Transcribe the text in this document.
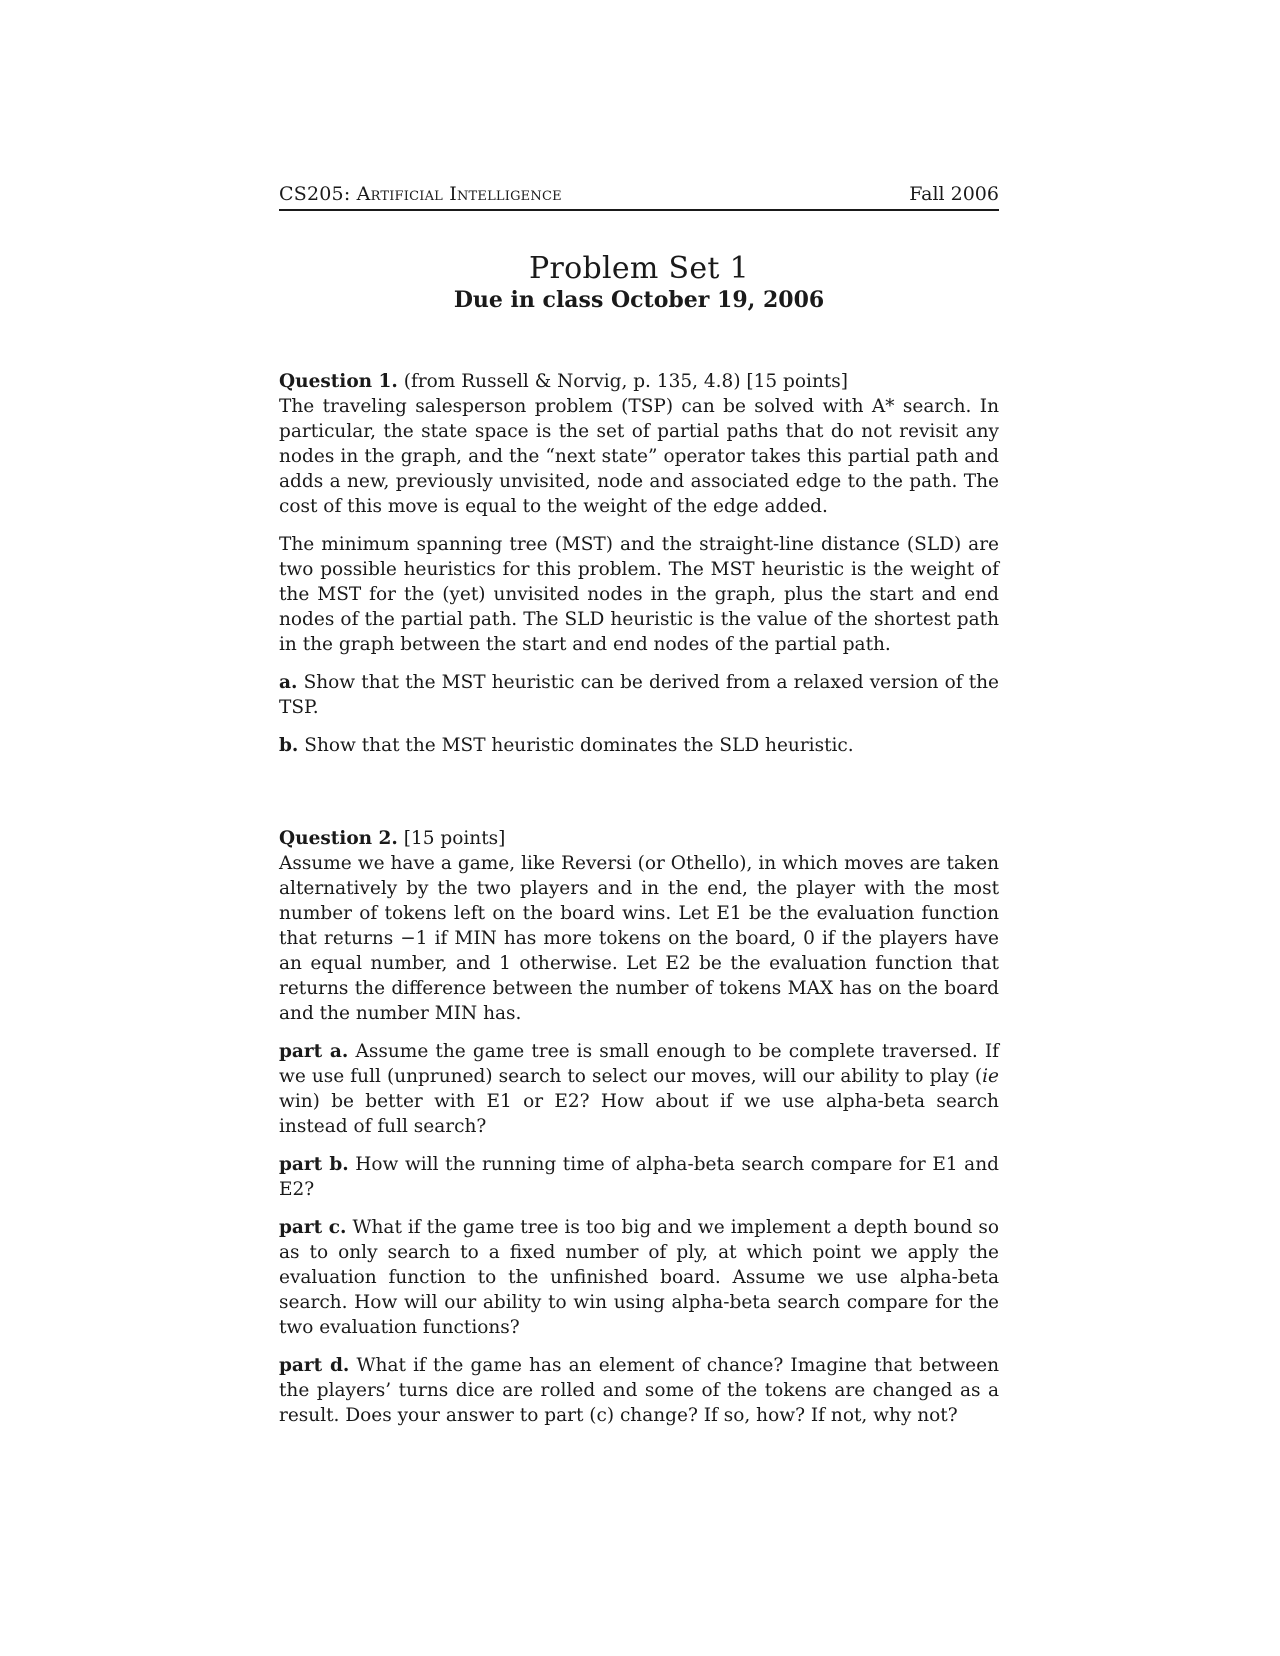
CS205: Artificial Intelligence	Fall 2006
Problem Set 1
Due in class October 19, 2006

Question 1. (from Russell & Norvig, p. 135, 4.8) [15 points]

The traveling salesperson problem (TSP) can be solved with A* search. In particular, the state space is the set of partial paths that do not revisit any nodes in the graph, and the “next state” operator takes this partial path and adds a new, previously unvisited, node and associated edge to the path. The cost of this move is equal to the weight of the edge added.

The minimum spanning tree (MST) and the straight-line distance (SLD) are two possible heuristics for this problem. The MST heuristic is the weight of the MST for the (yet) unvisited nodes in the graph, plus the start and end nodes of the partial path. The SLD heuristic is the value of the shortest path in the graph between the start and end nodes of the partial path.

a. Show that the MST heuristic can be derived from a relaxed version of the TSP.

b. Show that the MST heuristic dominates the SLD heuristic.

Question 2. [15 points]

Assume we have a game, like Reversi (or Othello), in which moves are taken alternatively by the two players and in the end, the player with the most number of tokens left on the board wins. Let E1 be the evaluation function that returns −1 if MIN has more tokens on the board, 0 if the players have an equal number, and 1 otherwise. Let E2 be the evaluation function that returns the difference between the number of tokens MAX has on the board and the number MIN has.

part a. Assume the game tree is small enough to be complete traversed. If we use full (unpruned) search to select our moves, will our ability to play (ie win) be better with E1 or E2? How about if we use alpha-beta search instead of full search?

part b. How will the running time of alpha-beta search compare for E1 and E2?

part c. What if the game tree is too big and we implement a depth bound so as to only search to a fixed number of ply, at which point we apply the evaluation function to the unfinished board. Assume we use alpha-beta search. How will our ability to win using alpha-beta search compare for the two evaluation functions?

part d. What if the game has an element of chance? Imagine that between the players’ turns dice are rolled and some of the tokens are changed as a result. Does your answer to part (c) change? If so, how? If not, why not?
